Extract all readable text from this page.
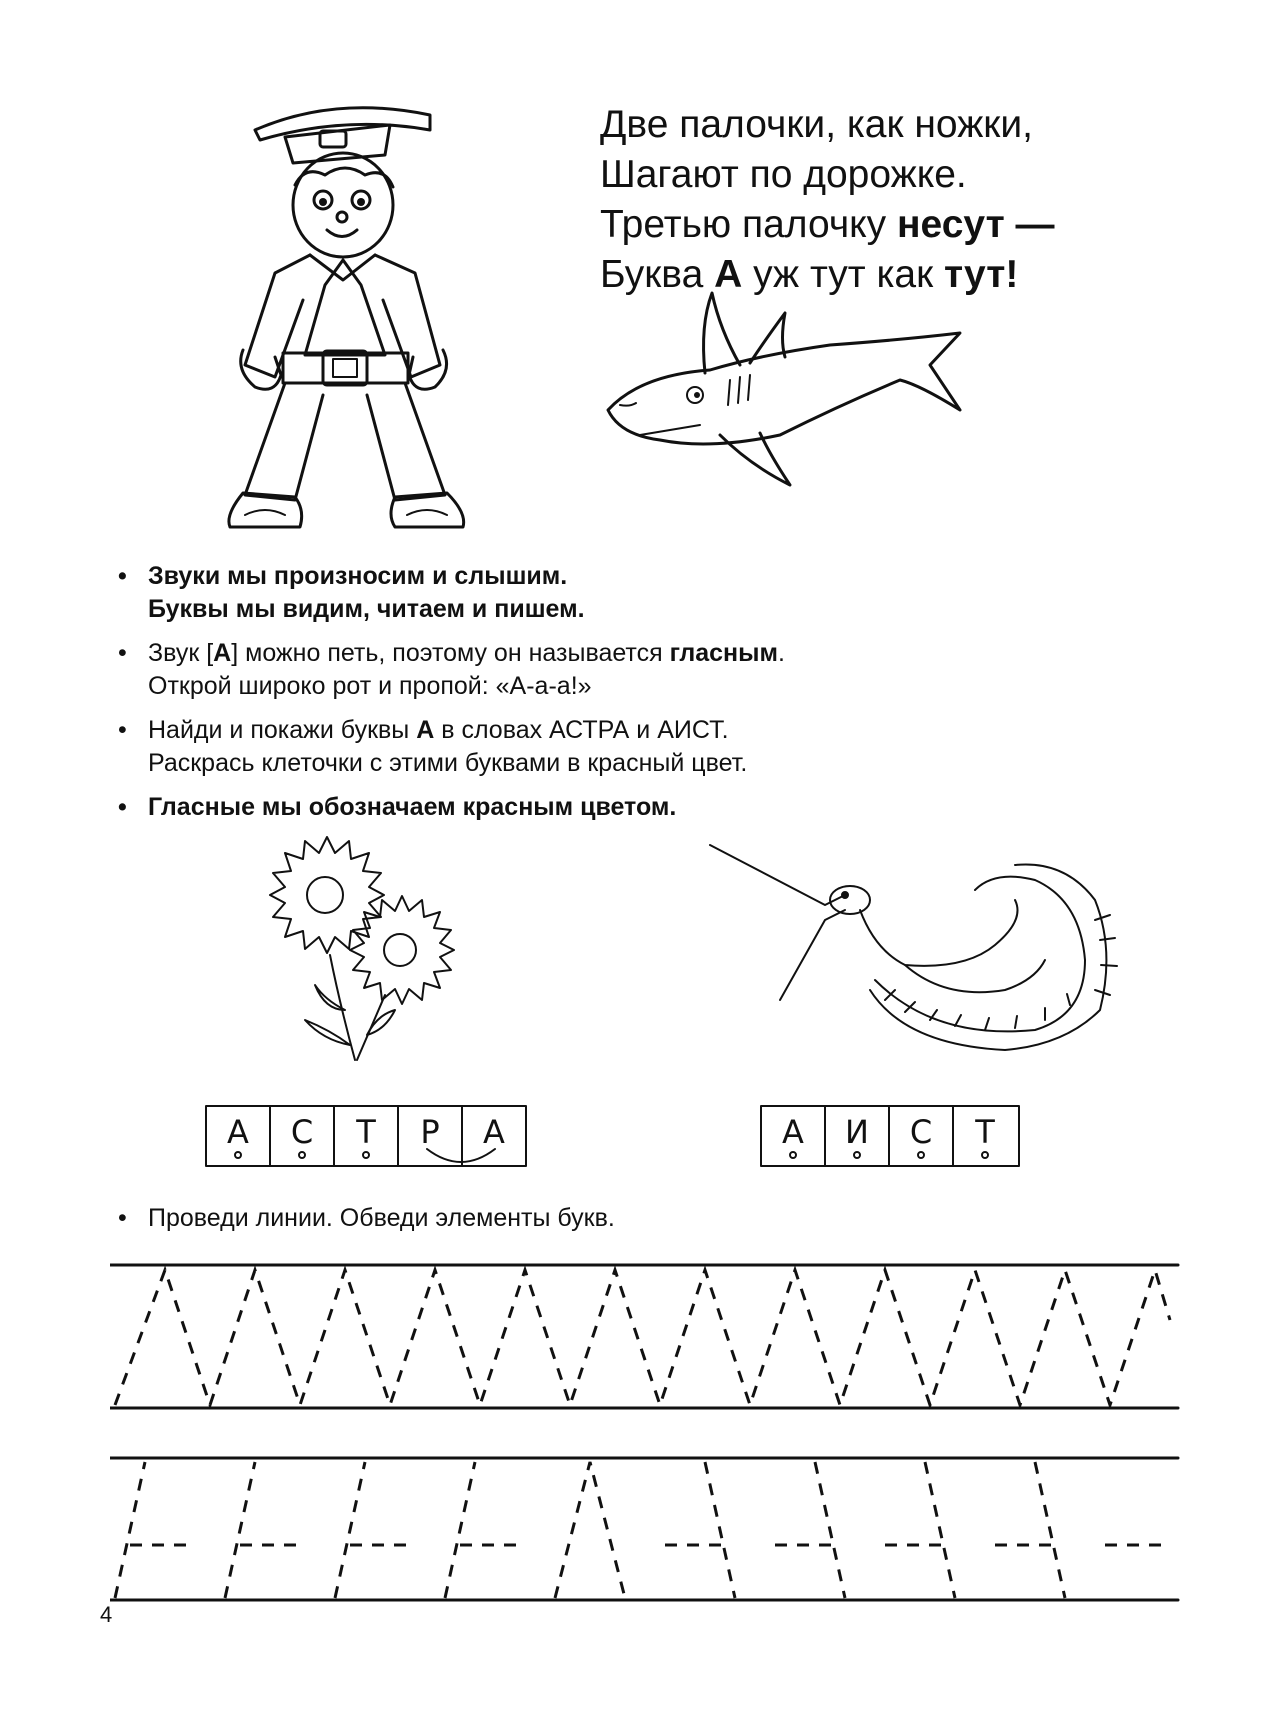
Две палочки, как ножки,
Шагают по дорожке.
Третью палочку несут —
Буква А уж тут как тут!
• Звуки мы произносим и слышим.
Буквы мы видим, читаем и пишем.
• Звук [А] можно петь, поэтому он называется гласным.
Открой широко рот и пропой: «А-а-а!»
• Найди и покажи буквы А в словах АСТРА и АИСТ.
Раскрась клеточки с этими буквами в красный цвет.
• Гласные мы обозначаем красным цветом.
А С Т Р А	А И С Т
• Проведи линии. Обведи элементы букв.
4
